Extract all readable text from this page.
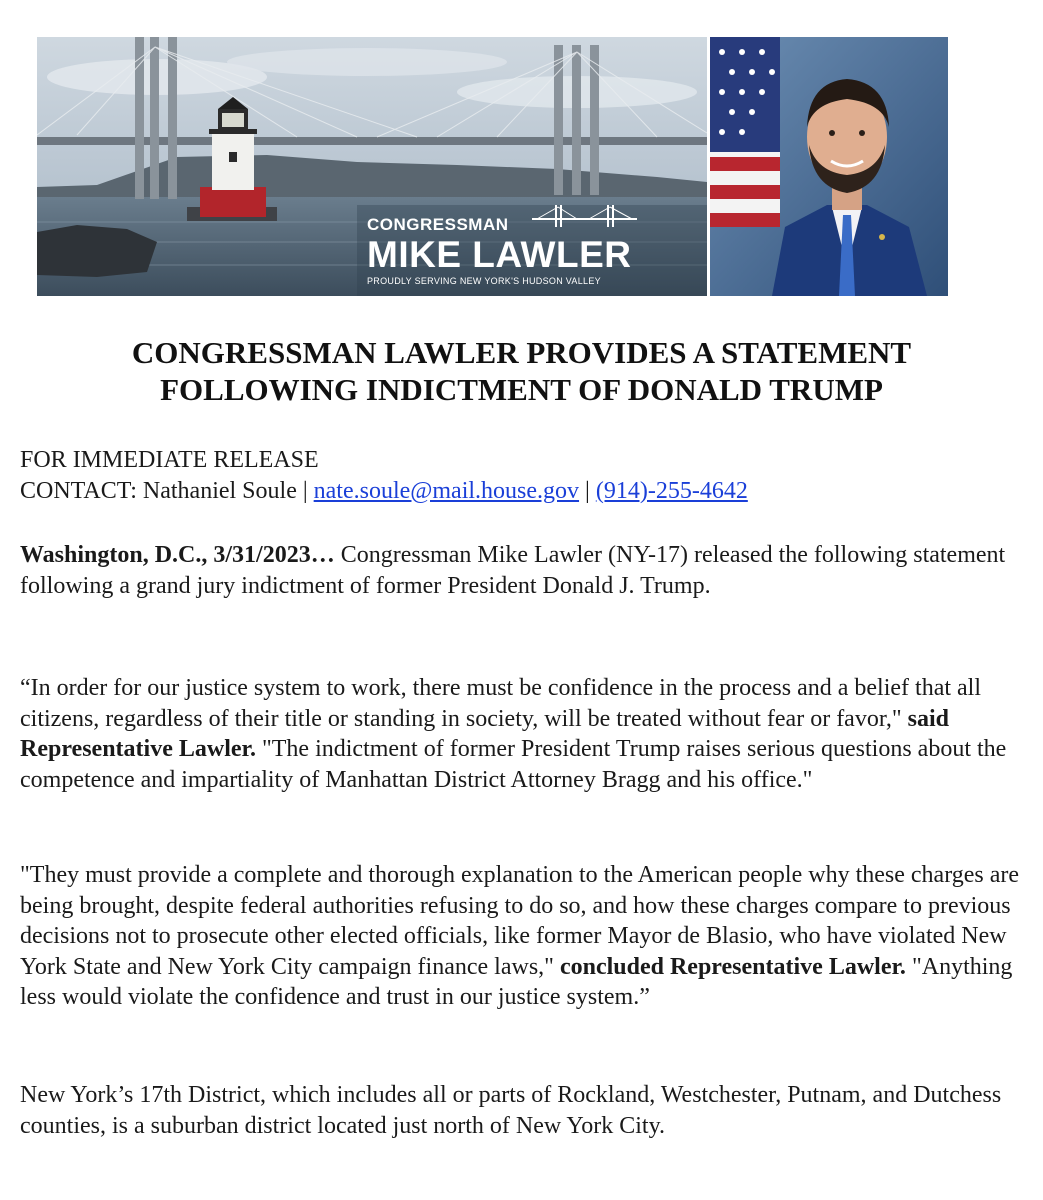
CONGRESSMAN
MIKE LAWLER
PROUDLY SERVING NEW YORK'S HUDSON VALLEY
CONGRESSMAN LAWLER PROVIDES A STATEMENT
FOLLOWING INDICTMENT OF DONALD TRUMP
FOR IMMEDIATE RELEASE
CONTACT: Nathaniel Soule | nate.soule@mail.house.gov | (914)-255-4642

Washington, D.C., 3/31/2023… Congressman Mike Lawler (NY-17) released the following statement following a grand jury indictment of former President Donald J. Trump.

“In order for our justice system to work, there must be confidence in the process and a belief that all citizens, regardless of their title or standing in society, will be treated without fear or favor," said Representative Lawler. "The indictment of former President Trump raises serious questions about the competence and impartiality of Manhattan District Attorney Bragg and his office."

"They must provide a complete and thorough explanation to the American people why these charges are being brought, despite federal authorities refusing to do so, and how these charges compare to previous decisions not to prosecute other elected officials, like former Mayor de Blasio, who have violated New York State and New York City campaign finance laws," concluded Representative Lawler. "Anything less would violate the confidence and trust in our justice system.”

New York’s 17th District, which includes all or parts of Rockland, Westchester, Putnam, and Dutchess counties, is a suburban district located just north of New York City.
